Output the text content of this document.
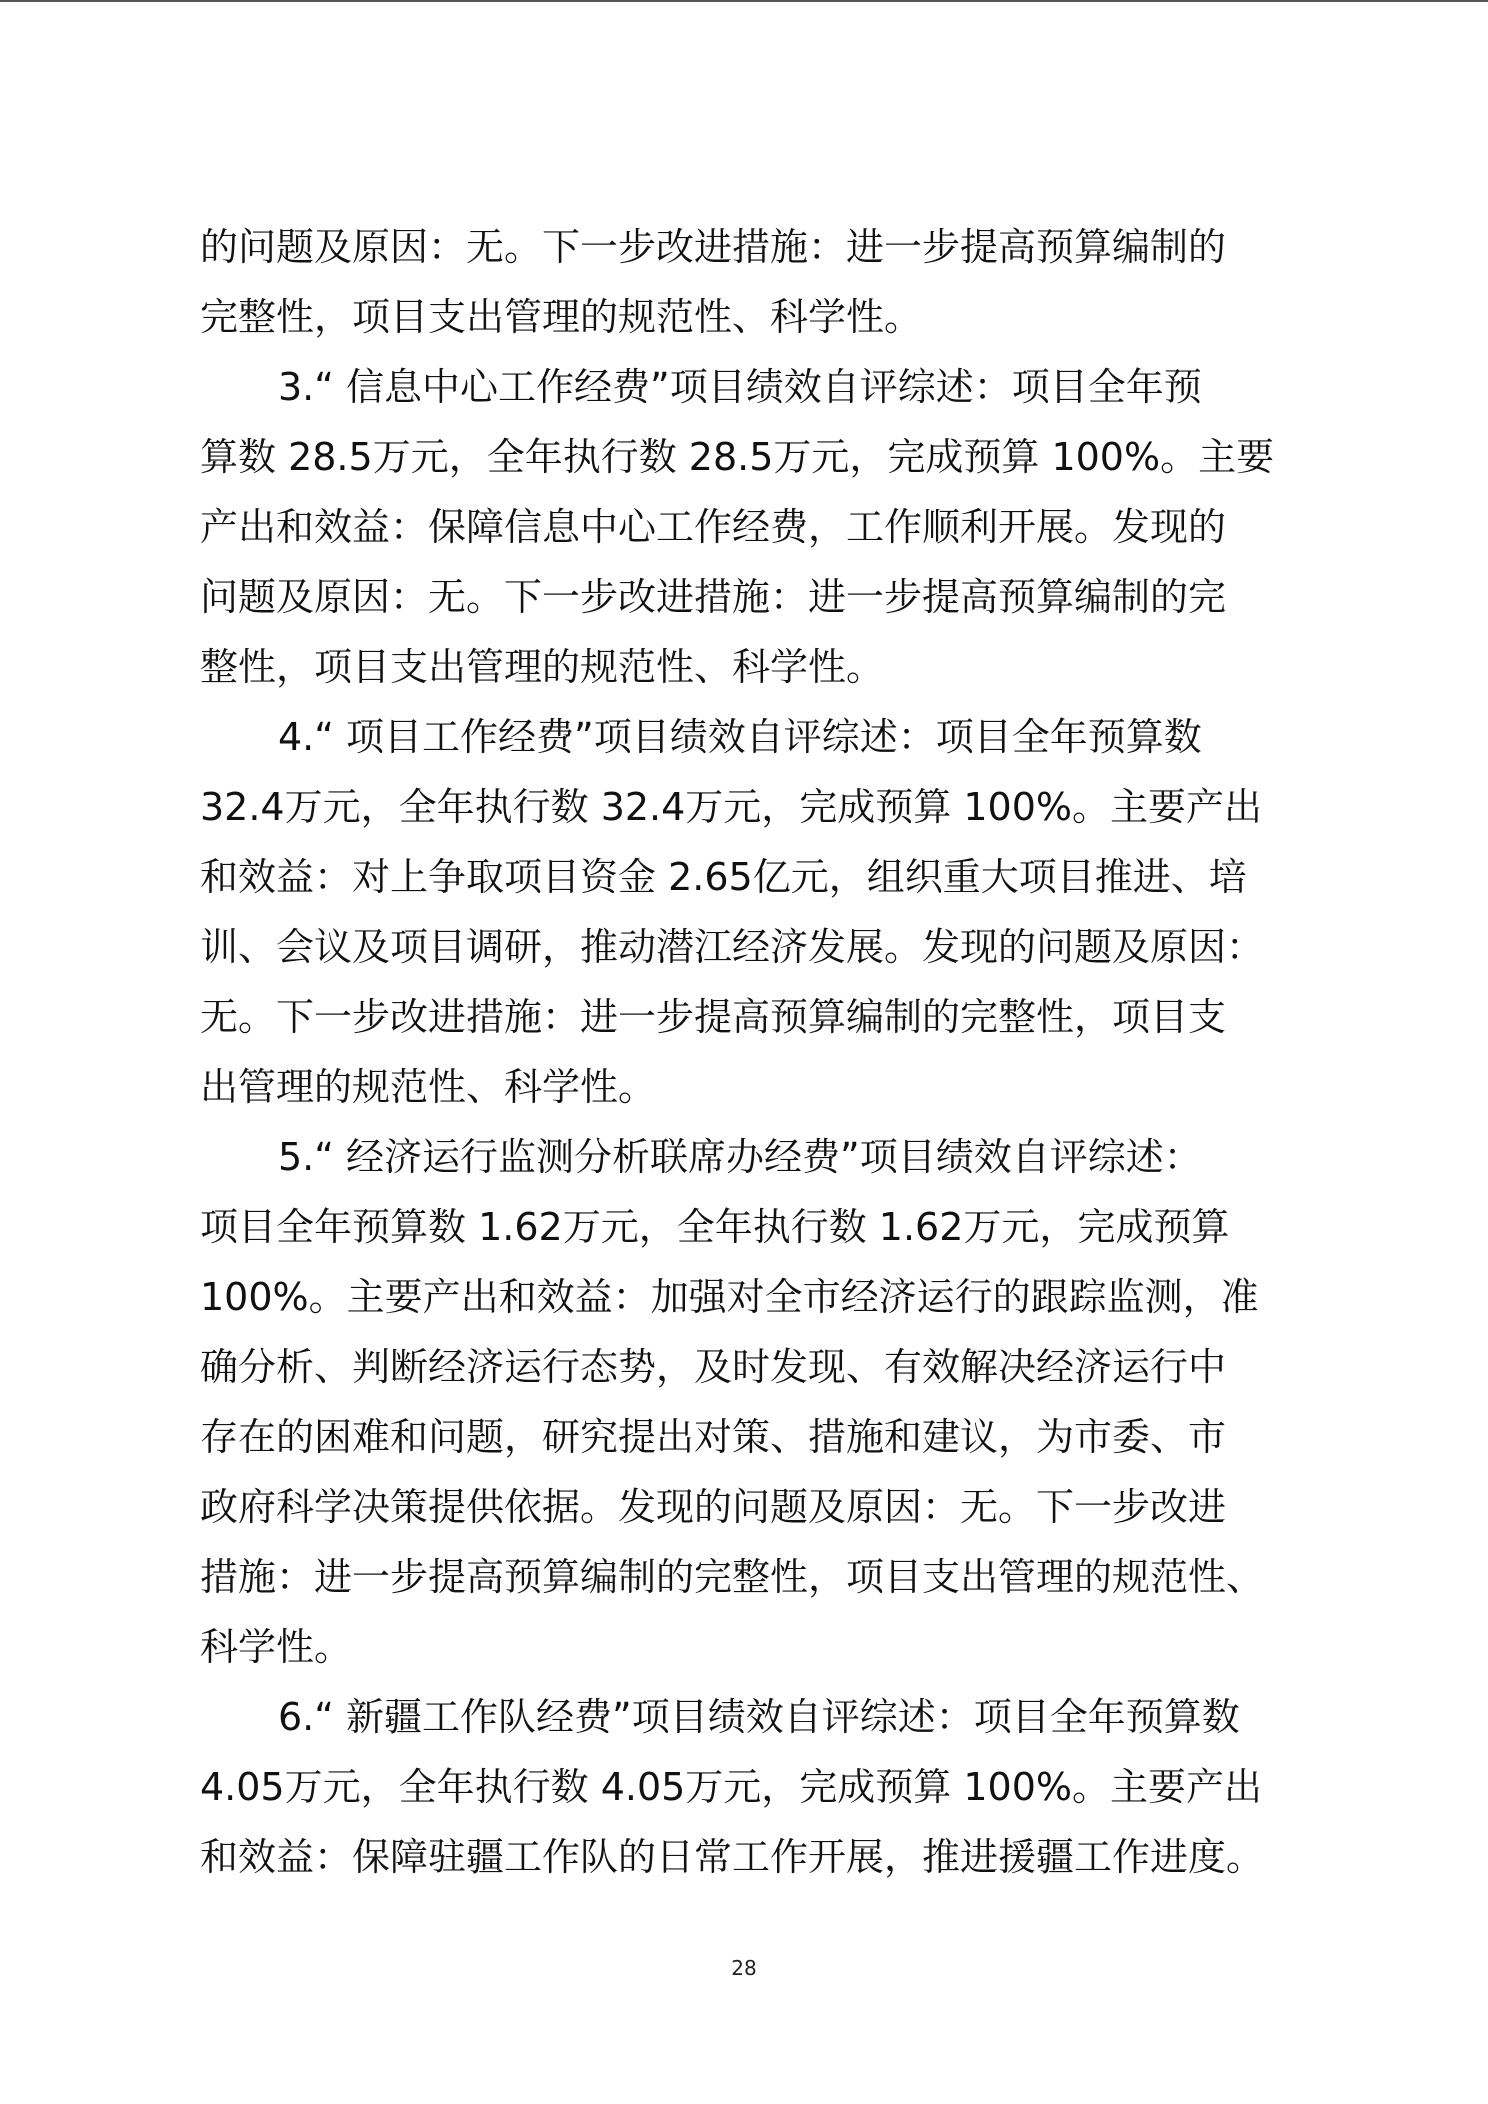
的问题及原因：无。下一步改进措施：进一步提高预算编制的
完整性，项目支出管理的规范性、科学性。
3.“ 信息中心工作经费”项目绩效自评综述：项目全年预
算数 28.5万元，全年执行数 28.5万元，完成预算 100%。主要
产出和效益：保障信息中心工作经费，工作顺利开展。发现的
问题及原因：无。下一步改进措施：进一步提高预算编制的完
整性，项目支出管理的规范性、科学性。
4.“ 项目工作经费”项目绩效自评综述：项目全年预算数
32.4万元，全年执行数 32.4万元，完成预算 100%。主要产出
和效益：对上争取项目资金 2.65亿元，组织重大项目推进、培
训、会议及项目调研，推动潜江经济发展。发现的问题及原因：
无。下一步改进措施：进一步提高预算编制的完整性，项目支
出管理的规范性、科学性。
5.“ 经济运行监测分析联席办经费”项目绩效自评综述：
项目全年预算数 1.62万元，全年执行数 1.62万元，完成预算
100%。主要产出和效益：加强对全市经济运行的跟踪监测，准
确分析、判断经济运行态势，及时发现、有效解决经济运行中
存在的困难和问题，研究提出对策、措施和建议，为市委、市
政府科学决策提供依据。发现的问题及原因：无。下一步改进
措施：进一步提高预算编制的完整性，项目支出管理的规范性、
科学性。
6.“ 新疆工作队经费”项目绩效自评综述：项目全年预算数
4.05万元，全年执行数 4.05万元，完成预算 100%。主要产出
和效益：保障驻疆工作队的日常工作开展，推进援疆工作进度。
28
